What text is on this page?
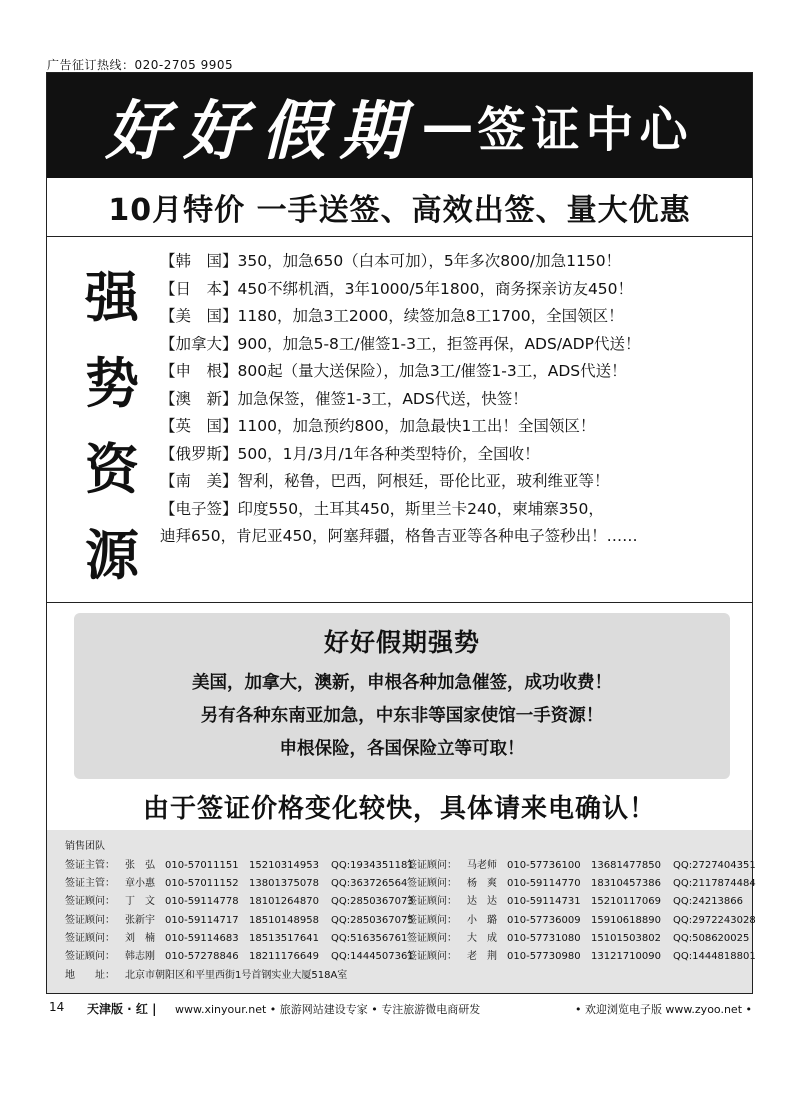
广告征订热线：020-2705 9905
好好假期 — 签证中心
10月特价 一手送签、高效出签、量大优惠
强
势
资
源
【韩　国】350，加急650（白本可加），5年多次800/加急1150！
【日　本】450不绑机酒，3年1000/5年1800，商务探亲访友450！
【美　国】1180，加急3工2000，续签加急8工1700，全国领区！
【加拿大】900，加急5-8工/催签1-3工，拒签再保，ADS/ADP代送！
【申　根】800起（量大送保险），加急3工/催签1-3工，ADS代送！
【澳　新】加急保签，催签1-3工，ADS代送，快签！
【英　国】1100，加急预约800，加急最快1工出！全国领区！
【俄罗斯】500，1月/3月/1年各种类型特价，全国收！
【南　美】智利，秘鲁，巴西，阿根廷，哥伦比亚，玻利维亚等！
【电子签】印度550，土耳其450，斯里兰卡240，柬埔寨350，
迪拜650，肯尼亚450，阿塞拜疆，格鲁吉亚等各种电子签秒出！……
好好假期强势

美国，加拿大，澳新，申根各种加急催签，成功收费！

另有各种东南亚加急，中东非等国家使馆一手资源！

申根保险，各国保险立等可取！

由于签证价格变化较快，具体请来电确认！
销售团队
签证主管： 张　弘 010-57011151 15210314953 QQ:1934351181
签证主管： 章小惠 010-57011152 13801375078 QQ:363726564
签证顾问： 丁　文 010-59114778 18101264870 QQ:2850367073
签证顾问： 张新宇 010-59114717 18510148958 QQ:2850367075
签证顾问： 刘　楠 010-59114683 18513517641 QQ:516356761
签证顾问： 韩志刚 010-57278846 18211176649 QQ:1444507361
签证顾问： 马老师 010-57736100 13681477850 QQ:2727404351
签证顾问： 杨　爽 010-59114770 18310457386 QQ:2117874484
签证顾问： 达　达 010-59114731 15210117069 QQ:24213866
签证顾问： 小　璐 010-57736009 15910618890 QQ:2972243028
签证顾问： 大　成 010-57731080 15101503802 QQ:508620025
签证顾问： 老　荆 010-57730980 13121710090 QQ:1444818801
地　　址： 北京市朝阳区和平里西街1号首钢实业大厦518A室
14 天津版 · 红 | www.xinyour.net • 旅游网站建设专家 • 专注旅游微电商研发	• 欢迎浏览电子版 www.zyoo.net •
